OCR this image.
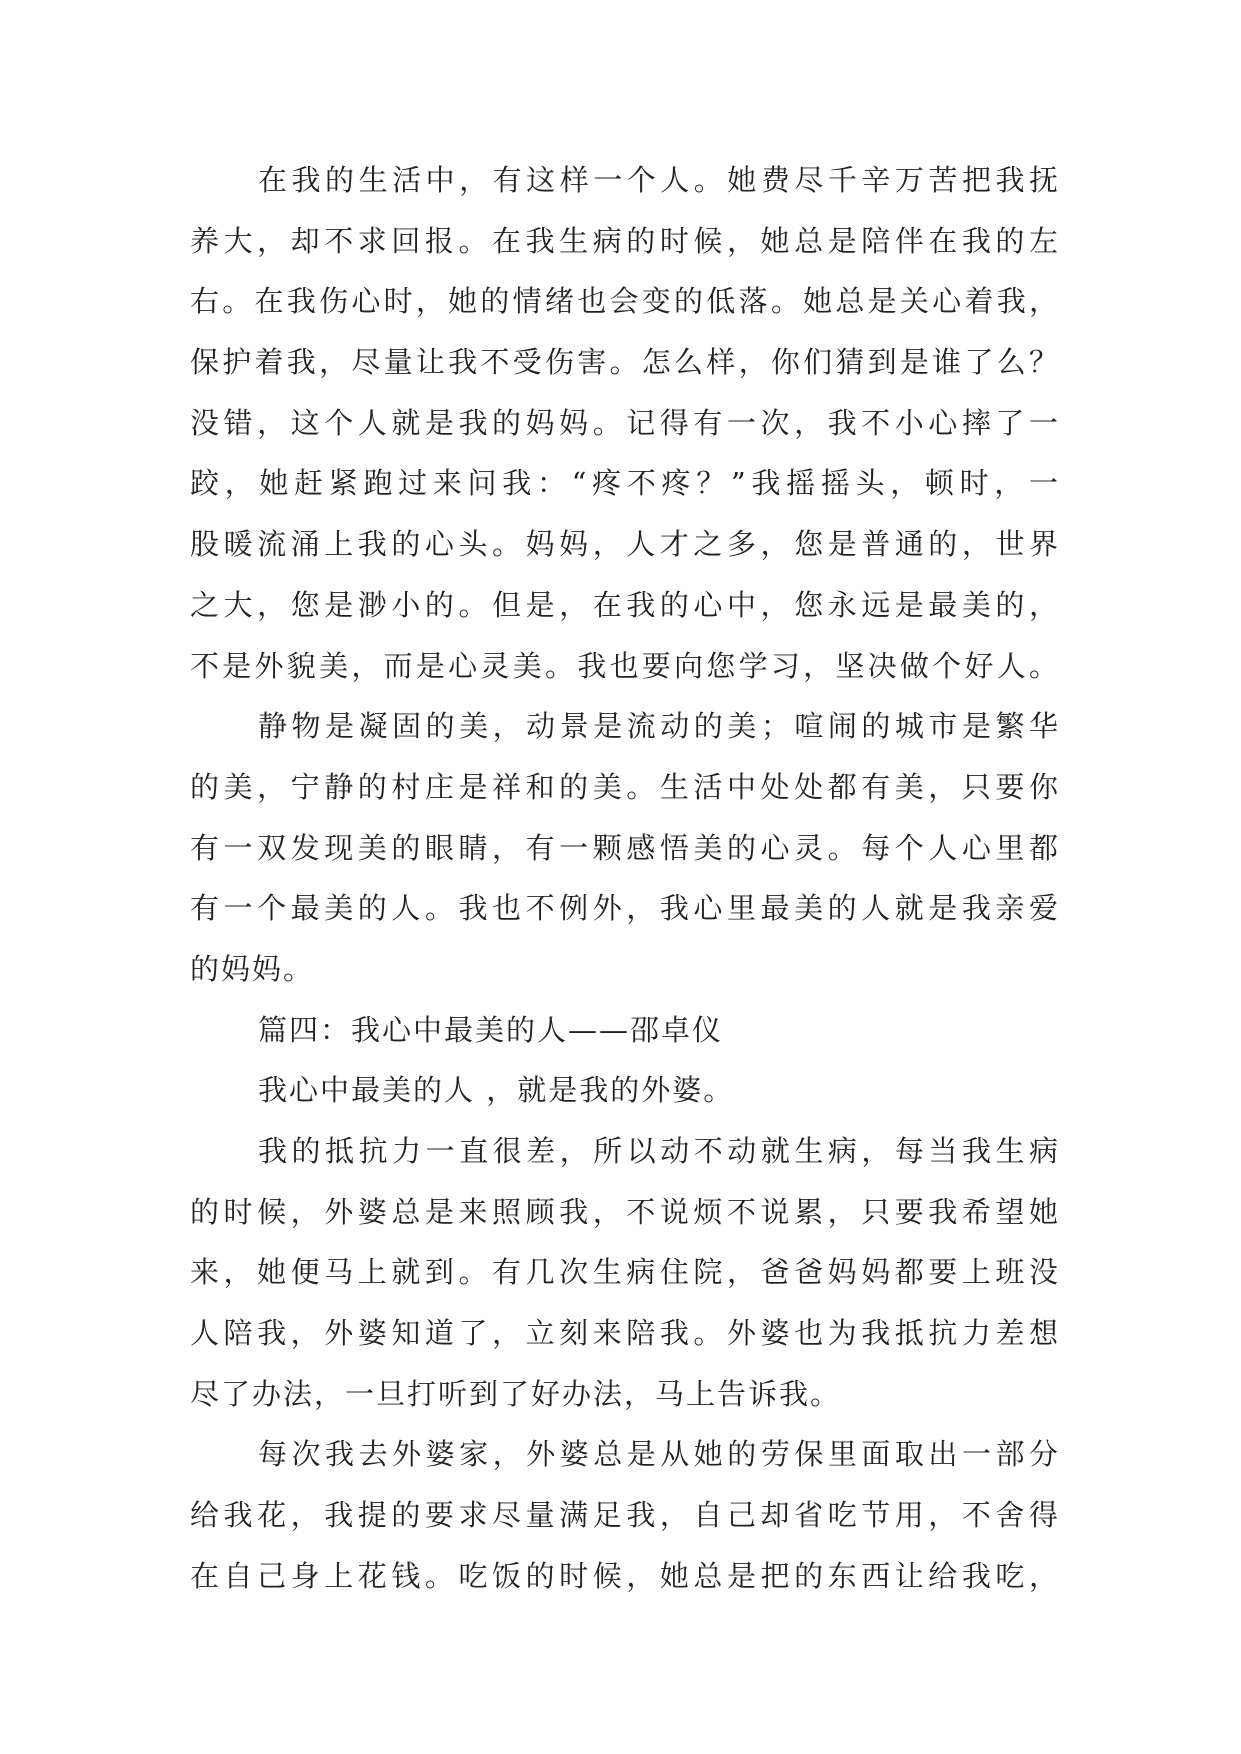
在我的生活中，有这样一个人。她费尽千辛万苦把我抚
养大，却不求回报。在我生病的时候，她总是陪伴在我的左
右。在我伤心时，她的情绪也会变的低落。她总是关心着我，
保护着我，尽量让我不受伤害。怎么样，你们猜到是谁了么？
没错，这个人就是我的妈妈。记得有一次，我不小心摔了一
跤，她赶紧跑过来问我：“疼不疼？”我摇摇头，顿时，一
股暖流涌上我的心头。妈妈，人才之多，您是普通的，世界
之大，您是渺小的。但是，在我的心中，您永远是最美的，
不是外貌美，而是心灵美。我也要向您学习，坚决做个好人。
静物是凝固的美，动景是流动的美；喧闹的城市是繁华
的美，宁静的村庄是祥和的美。生活中处处都有美，只要你
有一双发现美的眼睛，有一颗感悟美的心灵。每个人心里都
有一个最美的人。我也不例外，我心里最美的人就是我亲爱
的妈妈。
篇四：我心中最美的人——邵卓仪
我心中最美的人 ，就是我的外婆。
我的抵抗力一直很差，所以动不动就生病，每当我生病
的时候，外婆总是来照顾我，不说烦不说累，只要我希望她
来，她便马上就到。有几次生病住院，爸爸妈妈都要上班没
人陪我，外婆知道了，立刻来陪我。外婆也为我抵抗力差想
尽了办法，一旦打听到了好办法，马上告诉我。
每次我去外婆家，外婆总是从她的劳保里面取出一部分
给我花，我提的要求尽量满足我，自己却省吃节用，不舍得
在自己身上花钱。吃饭的时候，她总是把的东西让给我吃，
